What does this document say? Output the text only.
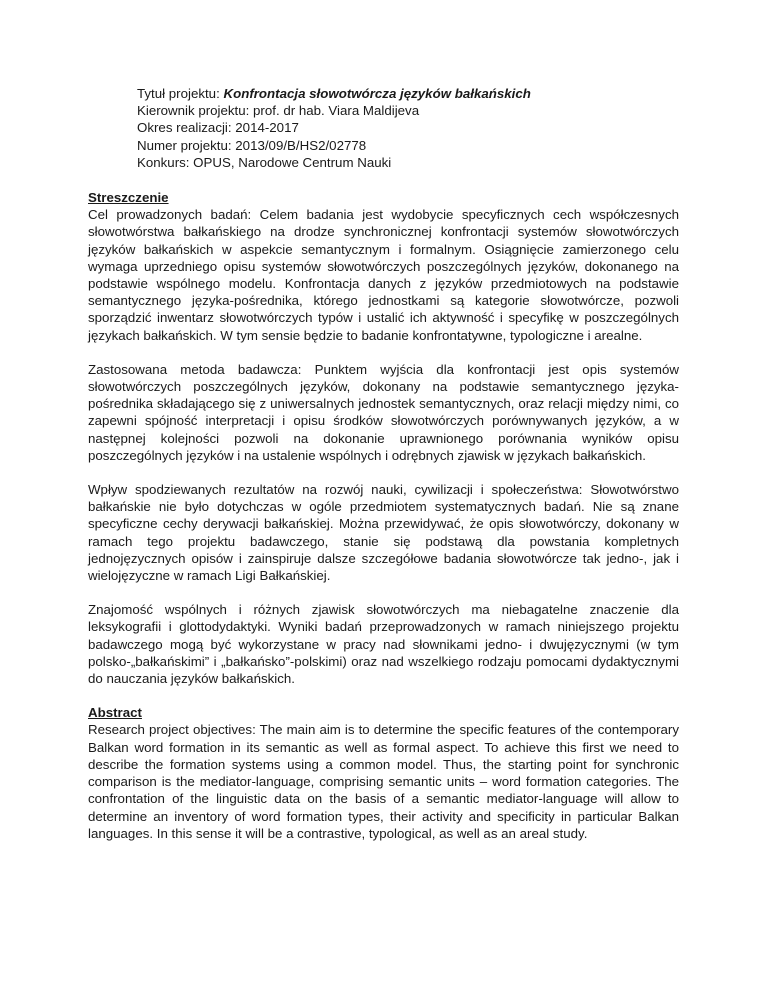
Tytuł projektu: Konfrontacja słowotwórcza języków bałkańskich
Kierownik projektu: prof. dr hab. Viara Maldijeva
Okres realizacji: 2014-2017
Numer projektu: 2013/09/B/HS2/02778
Konkurs: OPUS, Narodowe Centrum Nauki
Streszczenie

Cel prowadzonych badań: Celem badania jest wydobycie specyficznych cech współczesnych słowotwórstwa bałkańskiego na drodze synchronicznej konfrontacji systemów słowotwórczych języków bałkańskich w aspekcie semantycznym i formalnym. Osiągnięcie zamierzonego celu wymaga uprzedniego opisu systemów słowotwórczych poszczególnych języków, dokonanego na podstawie wspólnego modelu. Konfrontacja danych z języków przedmiotowych na podstawie semantycznego języka-pośrednika, którego jednostkami są kategorie słowotwórcze, pozwoli sporządzić inwentarz słowotwórczych typów i ustalić ich aktywność i specyfikę w poszczególnych językach bałkańskich. W tym sensie będzie to badanie konfrontatywne, typologiczne i arealne.

Zastosowana metoda badawcza: Punktem wyjścia dla konfrontacji jest opis systemów słowotwórczych poszczególnych języków, dokonany na podstawie semantycznego języka-pośrednika składającego się z uniwersalnych jednostek semantycznych, oraz relacji między nimi, co zapewni spójność interpretacji i opisu środków słowotwórczych porównywanych języków, a w następnej kolejności pozwoli na dokonanie uprawnionego porównania wyników opisu poszczególnych języków i na ustalenie wspólnych i odrębnych zjawisk w językach bałkańskich.

Wpływ spodziewanych rezultatów na rozwój nauki, cywilizacji i społeczeństwa: Słowotwórstwo bałkańskie nie było dotychczas w ogóle przedmiotem systematycznych badań. Nie są znane specyficzne cechy derywacji bałkańskiej. Można przewidywać, że opis słowotwórczy, dokonany w ramach tego projektu badawczego, stanie się podstawą dla powstania kompletnych jednojęzycznych opisów i zainspiruje dalsze szczegółowe badania słowotwórcze tak jedno-, jak i wielojęzyczne w ramach Ligi Bałkańskiej.

Znajomość wspólnych i różnych zjawisk słowotwórczych ma niebagatelne znaczenie dla leksykografii i glottodydaktyki. Wyniki badań przeprowadzonych w ramach niniejszego projektu badawczego mogą być wykorzystane w pracy nad słownikami jedno- i dwujęzycznymi (w tym polsko-„bałkańskimi” i „bałkańsko”-polskimi) oraz nad wszelkiego rodzaju pomocami dydaktycznymi do nauczania języków bałkańskich.

Abstract

Research project objectives: The main aim is to determine the specific features of the contemporary Balkan word formation in its semantic as well as formal aspect. To achieve this first we need to describe the formation systems using a common model. Thus, the starting point for synchronic comparison is the mediator-language, comprising semantic units – word formation categories. The confrontation of the linguistic data on the basis of a semantic mediator-language will allow to determine an inventory of word formation types, their activity and specificity in particular Balkan languages. In this sense it will be a contrastive, typological, as well as an areal study.
